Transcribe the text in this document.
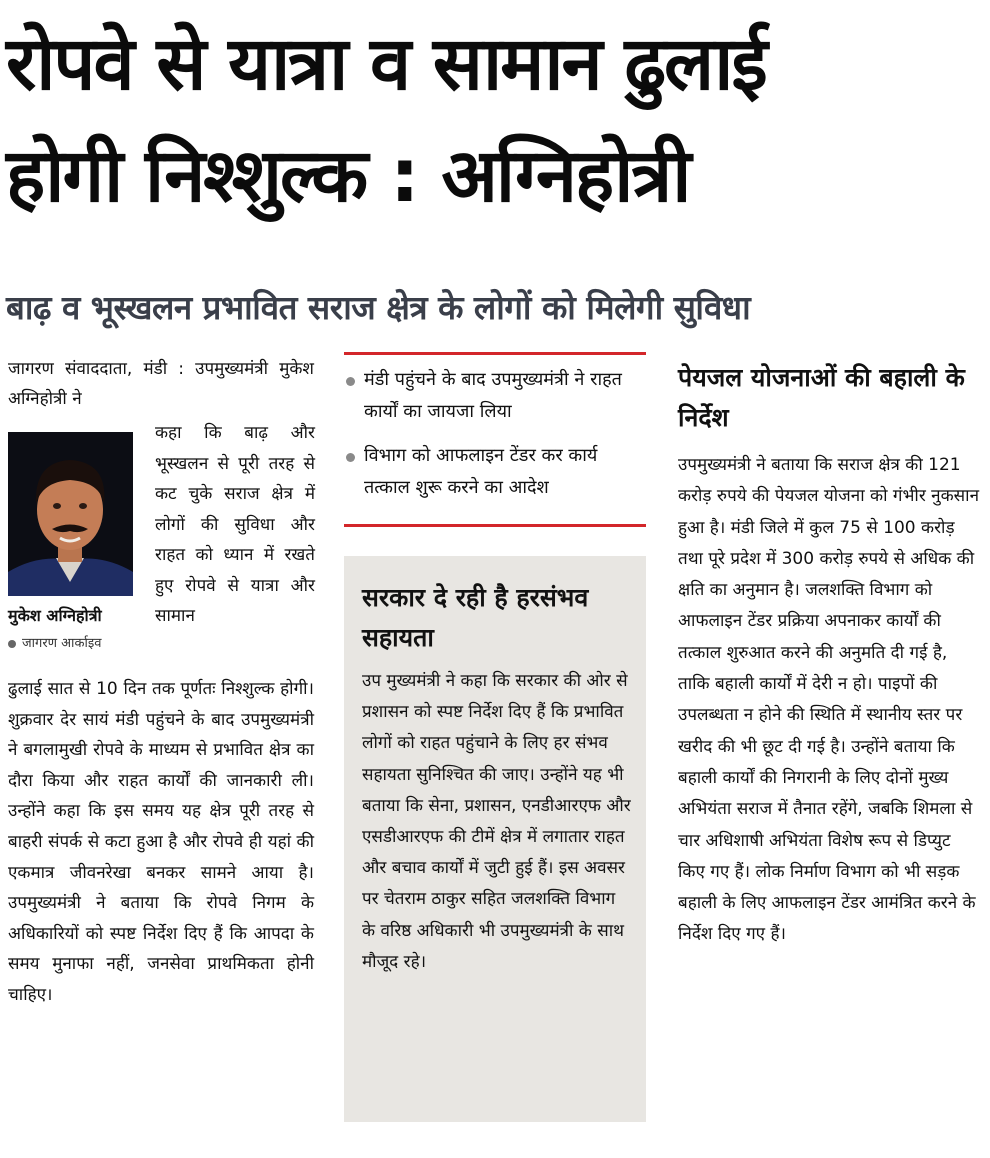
रोपवे से यात्रा व सामान ढुलाई
होगी निश्शुल्क : अग्निहोत्री
बाढ़ व भूस्खलन प्रभावित सराज क्षेत्र के लोगों को मिलेगी सुविधा

जागरण संवाददाता, मंडी : उपमुख्यमंत्री मुकेश अग्निहोत्री ने

मुकेश अग्निहोत्री
जागरण आर्काइव

कहा कि बाढ़ और भूस्खलन से पूरी तरह से कट चुके सराज क्षेत्र में लोगों की सुविधा और राहत को ध्यान में रखते हुए रोपवे से यात्रा और सामान

ढुलाई सात से 10 दिन तक पूर्णतः निश्शुल्क होगी। शुक्रवार देर सायं मंडी पहुंचने के बाद उपमुख्यमंत्री ने बगलामुखी रोपवे के माध्यम से प्रभावित क्षेत्र का दौरा किया और राहत कार्यों की जानकारी ली। उन्होंने कहा कि इस समय यह क्षेत्र पूरी तरह से बाहरी संपर्क से कटा हुआ है और रोपवे ही यहां की एकमात्र जीवनरेखा बनकर सामने आया है। उपमुख्यमंत्री ने बताया कि रोपवे निगम के अधिकारियों को स्पष्ट निर्देश दिए हैं कि आपदा के समय मुनाफा नहीं, जनसेवा प्राथमिकता होनी चाहिए।

मंडी पहुंचने के बाद उपमुख्यमंत्री ने राहत कार्यों का जायजा लिया
विभाग को आफलाइन टेंडर कर कार्य तत्काल शुरू करने का आदेश
सरकार दे रही है हरसंभव सहायता

उप मुख्यमंत्री ने कहा कि सरकार की ओर से प्रशासन को स्पष्ट निर्देश दिए हैं कि प्रभावित लोगों को राहत पहुंचाने के लिए हर संभव सहायता सुनिश्चित की जाए। उन्होंने यह भी बताया कि सेना, प्रशासन, एनडीआरएफ और एसडीआरएफ की टीमें क्षेत्र में लगातार राहत और बचाव कार्यों में जुटी हुई हैं। इस अवसर पर चेतराम ठाकुर सहित जलशक्ति विभाग के वरिष्ठ अधिकारी भी उपमुख्यमंत्री के साथ मौजूद रहे।

पेयजल योजनाओं की बहाली के निर्देश

उपमुख्यमंत्री ने बताया कि सराज क्षेत्र की 121 करोड़ रुपये की पेयजल योजना को गंभीर नुकसान हुआ है। मंडी जिले में कुल 75 से 100 करोड़ तथा पूरे प्रदेश में 300 करोड़ रुपये से अधिक की क्षति का अनुमान है। जलशक्ति विभाग को आफलाइन टेंडर प्रक्रिया अपनाकर कार्यों की तत्काल शुरुआत करने की अनुमति दी गई है, ताकि बहाली कार्यों में देरी न हो। पाइपों की उपलब्धता न होने की स्थिति में स्थानीय स्तर पर खरीद की भी छूट दी गई है। उन्होंने बताया कि बहाली कार्यों की निगरानी के लिए दोनों मुख्य अभियंता सराज में तैनात रहेंगे, जबकि शिमला से चार अधिशाषी अभियंता विशेष रूप से डिप्युट किए गए हैं। लोक निर्माण विभाग को भी सड़क बहाली के लिए आफलाइन टेंडर आमंत्रित करने के निर्देश दिए गए हैं।
